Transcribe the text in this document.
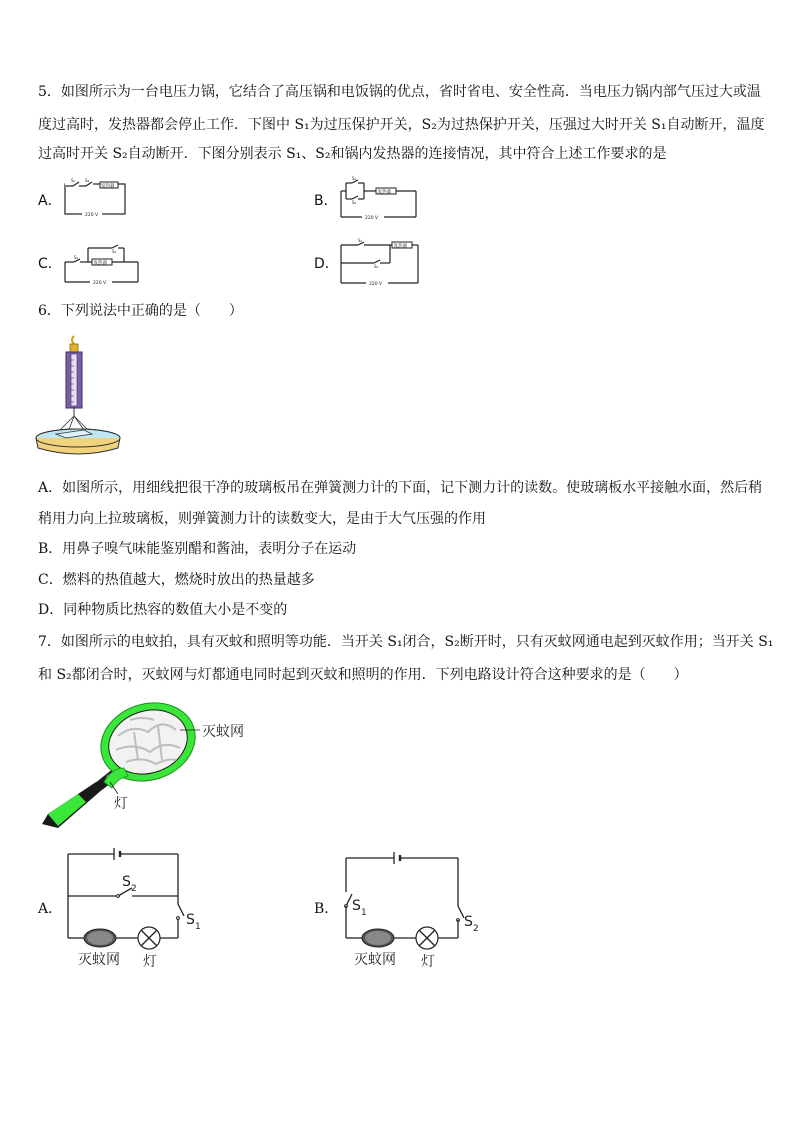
5．如图所示为一台电压力锅，它结合了高压锅和电饭锅的优点，省时省电、安全性高．当电压力锅内部气压过大或温
度过高时，发热器都会停止工作．下图中 S₁为过压保护开关，S₂为过热保护开关，压强过大时开关 S₁自动断开，温度
过高时开关 S₂自动断开．下图分别表示 S₁、S₂和锅内发热器的连接情况，其中符合上述工作要求的是
A．
S₁ S₂
发热器
220 V
B．
S₁
S₂
发热器
220 V
C．	S₁
发热器
S₂
220 V
D．
S₁
发热器
S₂
220 V
6．下列说法中正确的是（　　）
A．如图所示，用细线把很干净的玻璃板吊在弹簧测力计的下面，记下测力计的读数。使玻璃板水平接触水面，然后稍
稍用力向上拉玻璃板，则弹簧测力计的读数变大，是由于大气压强的作用
B．用鼻子嗅气味能鉴别醋和酱油，表明分子在运动
C．燃料的热值越大，燃烧时放出的热量越多
D．同种物质比热容的数值大小是不变的
7．如图所示的电蚊拍，具有灭蚊和照明等功能．当开关 S₁闭合，S₂断开时，只有灭蚊网通电起到灭蚊作用；当开关 S₁
和 S₂都闭合时，灭蚊网与灯都通电同时起到灭蚊和照明的作用．下列电路设计符合这种要求的是（　　）
灭蚊网
灯
A．
S 1
S 2
灭蚊网 灯
B． S 1
S 2
灭蚊网 灯
